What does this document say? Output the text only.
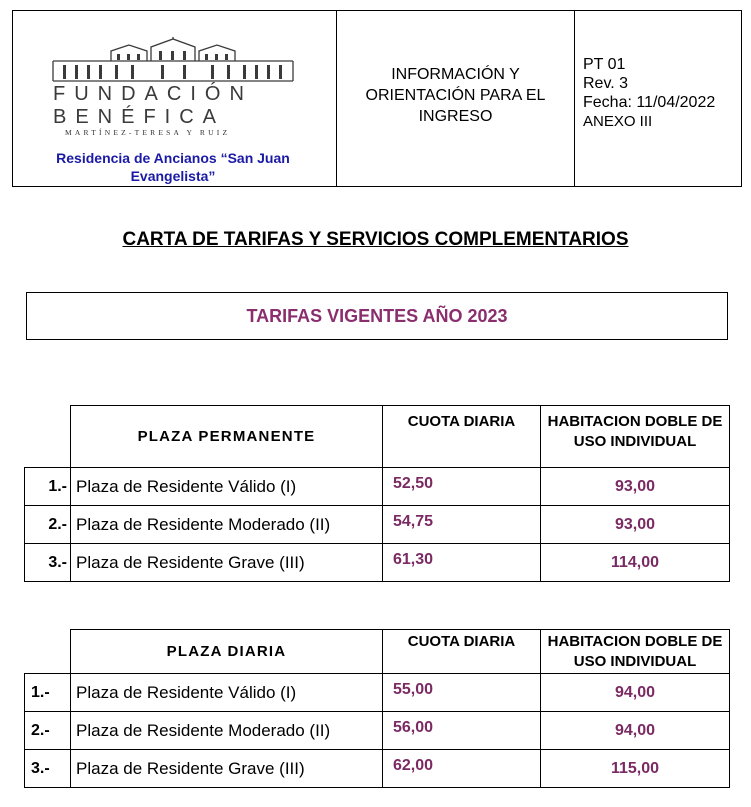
FUNDACIÓN
BENÉFICA
MARTÍNEZ-TERESA Y RUIZ
Residencia de Ancianos “San Juan Evangelista”
INFORMACIÓN Y ORIENTACIÓN PARA EL INGRESO
PT 01
Rev. 3
Fecha: 11/04/2022
ANEXO III
CARTA DE TARIFAS Y SERVICIOS COMPLEMENTARIOS
TARIFAS VIGENTES AÑO 2023
	PLAZA PERMANENTE	CUOTA DIARIA	HABITACION DOBLE DE USO INDIVIDUAL
1.-	Plaza de Residente Válido (I)	52,50	93,00
2.-	Plaza de Residente Moderado (II)	54,75	93,00
3.-	Plaza de Residente Grave (III)	61,30	114,00
	PLAZA DIARIA	CUOTA DIARIA	HABITACION DOBLE DE USO INDIVIDUAL
1.-	Plaza de Residente Válido (I)	55,00	94,00
2.-	Plaza de Residente Moderado (II)	56,00	94,00
3.-	Plaza de Residente Grave (III)	62,00	115,00
